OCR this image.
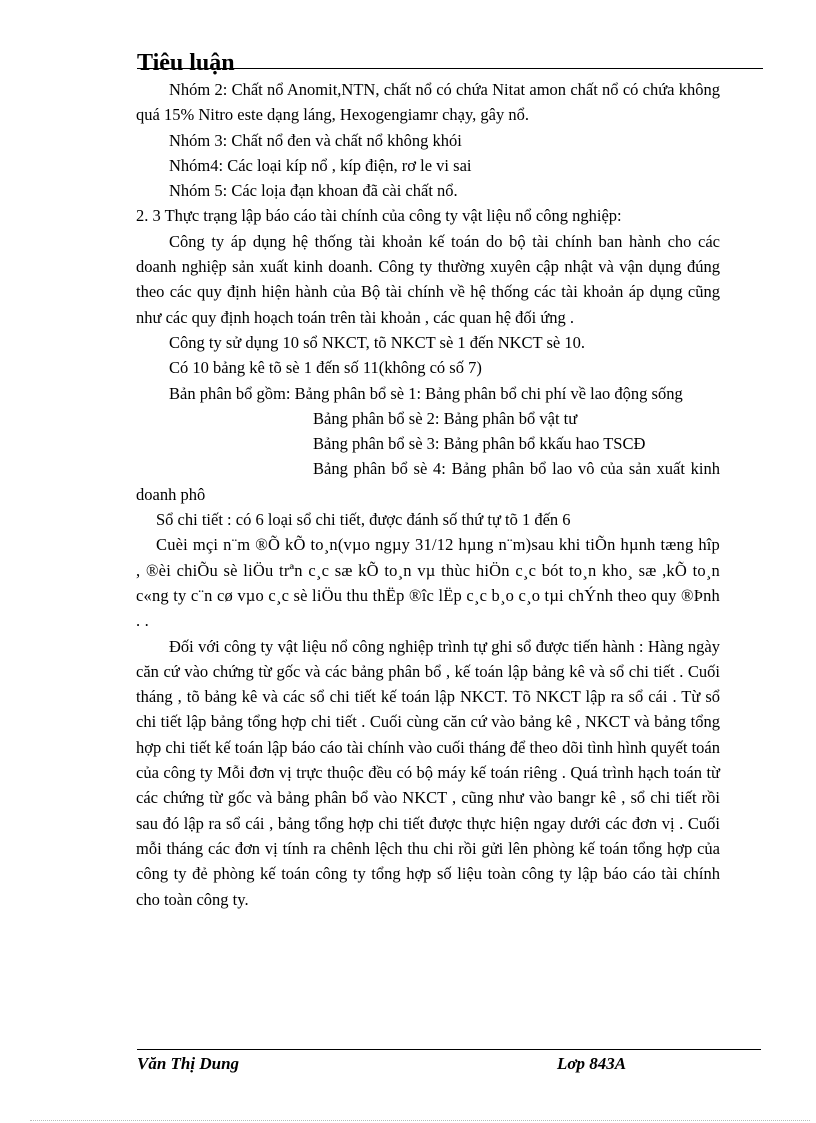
Tiêu luận

Nhóm 2: Chất nổ Anomit,NTN, chất nổ có chứa Nitat amon chất nổ có chứa không quá 15% Nitro este dạng láng, Hexogengiamr chạy, gây nổ.

Nhóm 3: Chất nổ đen và chất nổ không khói

Nhóm4: Các loại kíp nổ , kíp điện, rơ le vi sai

Nhóm 5: Các loịa đạn khoan đã cài chất nổ.

2. 3 Thực trạng lập báo cáo tài chính của công ty vật liệu nổ công nghiệp:

Công ty áp dụng hệ thống tài khoản kế toán do bộ tài chính ban hành cho các doanh nghiệp sản xuất kinh doanh. Công ty thường xuyên cập nhật và vận dụng đúng theo các quy định hiện hành của Bộ tài chính về hệ thống các tài khoản áp dụng cũng như các quy định hoạch toán trên tài khoản , các quan hệ đối ứng .

Công ty sử dụng 10 sổ NKCT, tõ NKCT sè 1 đến NKCT sè 10.

Có 10 bảng kê tõ sè 1 đến số 11(không có số 7)

Bản phân bổ gồm: Bảng phân bổ sè 1: Bảng phân bổ chi phí về lao động sống

Bảng phân bổ sè 2: Bảng phân bổ vật tư

Bảng phân bổ sè 3: Bảng phân bổ kkấu hao TSCĐ

Bảng phân bổ sè 4: Bảng phân bổ lao vô của sản xuất kinh doanh phô

Sổ chi tiết : có 6 loại sổ chi tiết, được đánh số thứ tự tõ 1 đến 6

Cuèi mçi n¨m ®Õ kÕ to¸n(vµo ngµy 31/12 hµng n¨m)sau khi tiÕn hµnh tæng hîp , ®èi chiÕu sè liÖu trªn c¸c sæ kÕ to¸n vµ thùc hiÖn c¸c bót to¸n kho¸ sæ ,kÕ to¸n c«ng ty c¨n cø vµo c¸c sè liÖu thu thËp ®îc lËp c¸c b¸o c¸o tµi chÝnh theo quy ®Þnh . .

Đối với công ty vật liệu nổ công nghiệp trình tự ghi sổ được tiến hành : Hàng ngày căn cứ vào chứng từ gốc và các bảng phân bổ , kế toán lập bảng kê và sổ chi tiết . Cuối tháng , tõ bảng kê và các sổ chi tiết kế toán lập NKCT. Tõ NKCT lập ra sổ cái . Từ sổ chi tiết lập bảng tổng hợp chi tiết . Cuối cùng căn cứ vào bảng kê , NKCT và bảng tổng hợp chi tiết kế toán lập báo cáo tài chính vào cuối tháng để theo dõi tình hình quyết toán của công ty Mỗi đơn vị trực thuộc đều có bộ máy kế toán riêng . Quá trình hạch toán từ các chứng từ gốc và bảng phân bổ vào NKCT , cũng như vào bangr kê , sổ chi tiết rồi sau đó lập ra sổ cái , bảng tổng hợp chi tiết được thực hiện ngay dưới các đơn vị . Cuối mỗi tháng các đơn vị tính ra chênh lệch thu chi rồi gửi lên phòng kế toán tổng hợp của công ty đẻ phòng kế toán công ty tổng hợp số liệu toàn công ty lập báo cáo tài chính cho toàn công ty.

Văn Thị Dung	Lơp 843A
